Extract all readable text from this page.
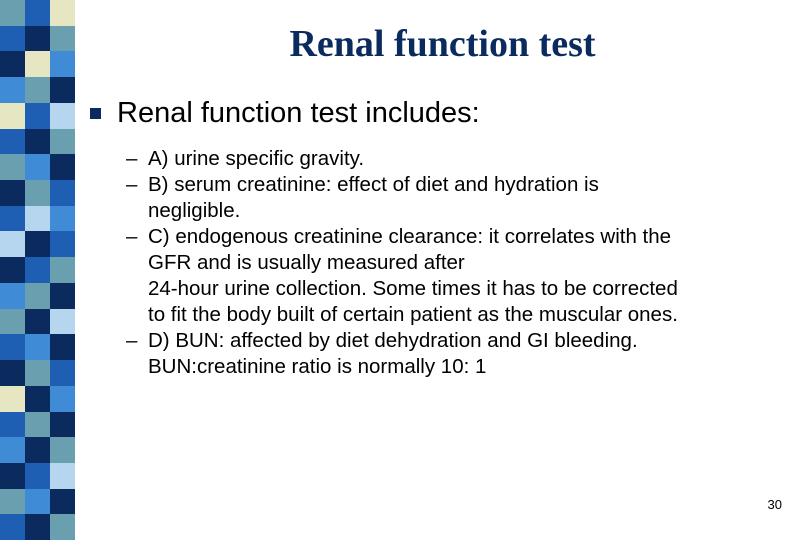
Renal function test
Renal function test includes:
– A) urine specific gravity.
– B) serum creatinine: effect of diet and hydration is
negligible.
– C) endogenous creatinine clearance: it correlates with the
GFR and is usually measured after
24-hour urine collection. Some times it has to be corrected
to fit the body built of certain patient as the muscular ones.
– D) BUN: affected by diet dehydration and GI bleeding.
BUN:creatinine ratio is normally 10: 1
30
